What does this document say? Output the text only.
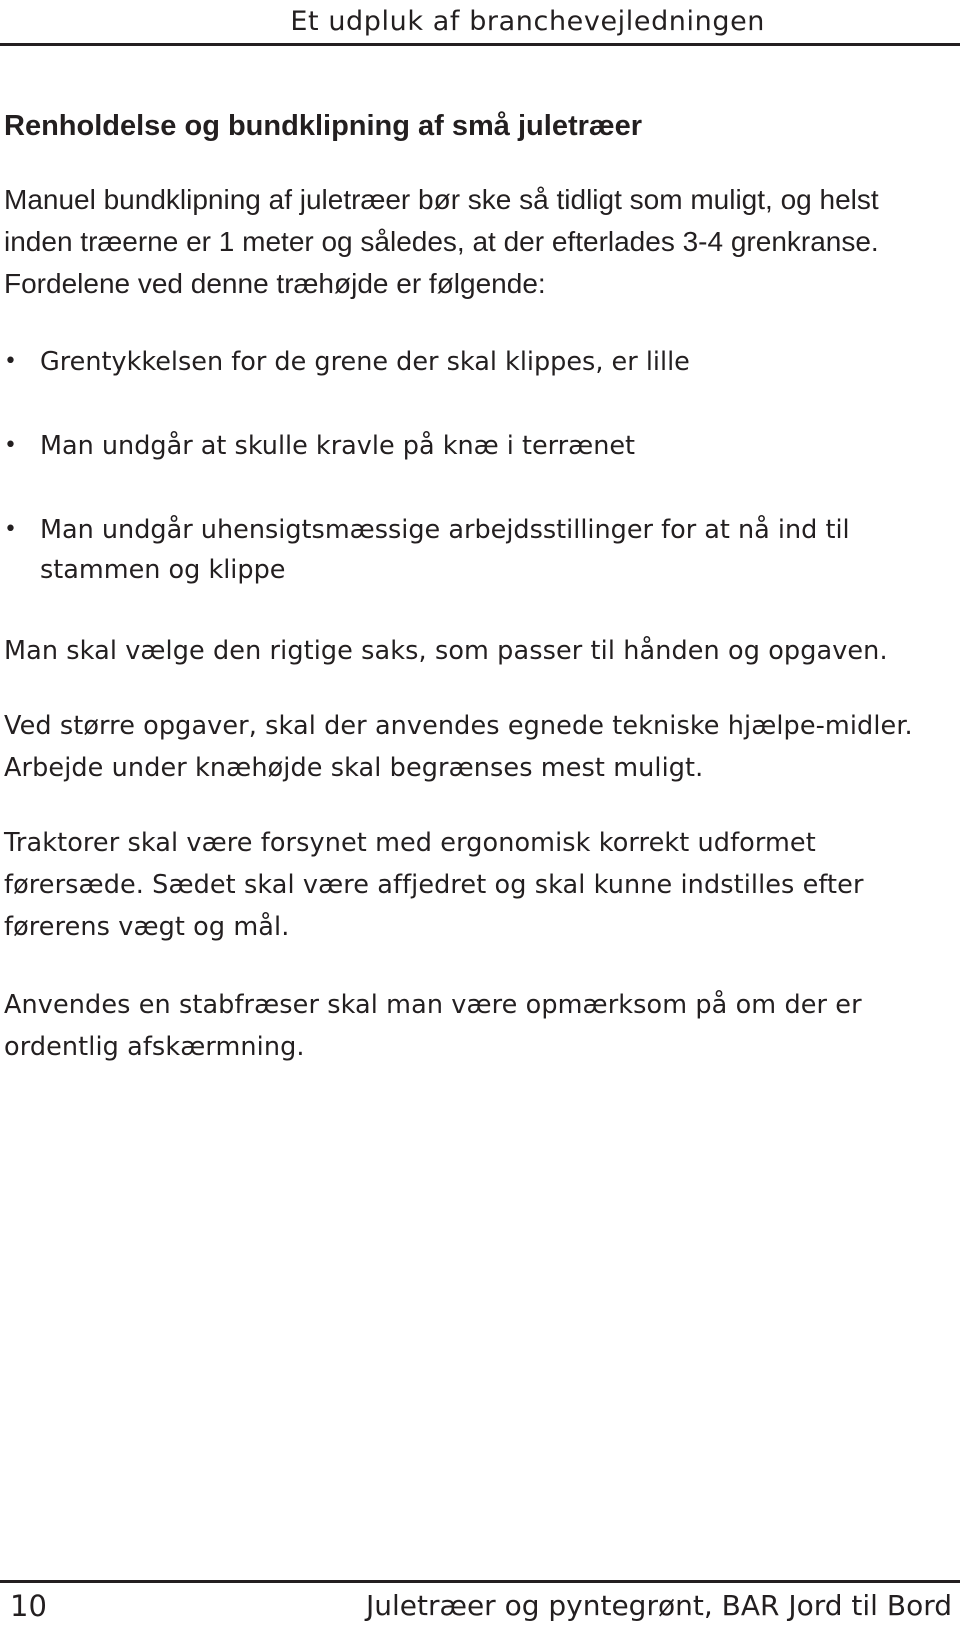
Et udpluk af branchevejledningen
Renholdelse og bundklipning af små juletræer

Manuel bundklipning af juletræer bør ske så tidligt som muligt, og helst inden træerne er 1 meter og således, at der efterlades 3-4 grenkranse. Fordelene ved denne træhøjde er følgende:

• Grentykkelsen for de grene der skal klippes, er lille
• Man undgår at skulle kravle på knæ i terrænet
• Man undgår uhensigtsmæssige arbejdsstillinger for at nå ind til stammen og klippe

Man skal vælge den rigtige saks, som passer til hånden og opgaven.

Ved større opgaver, skal der anvendes egnede tekniske hjælpe-midler. Arbejde under knæhøjde skal begrænses mest muligt.

Traktorer skal være forsynet med ergonomisk korrekt udformet førersæde. Sædet skal være affjedret og skal kunne indstilles efter førerens vægt og mål.

Anvendes en stabfræser skal man være opmærksom på om der er ordentlig afskærmning.

10	Juletræer og pyntegrønt, BAR Jord til Bord
